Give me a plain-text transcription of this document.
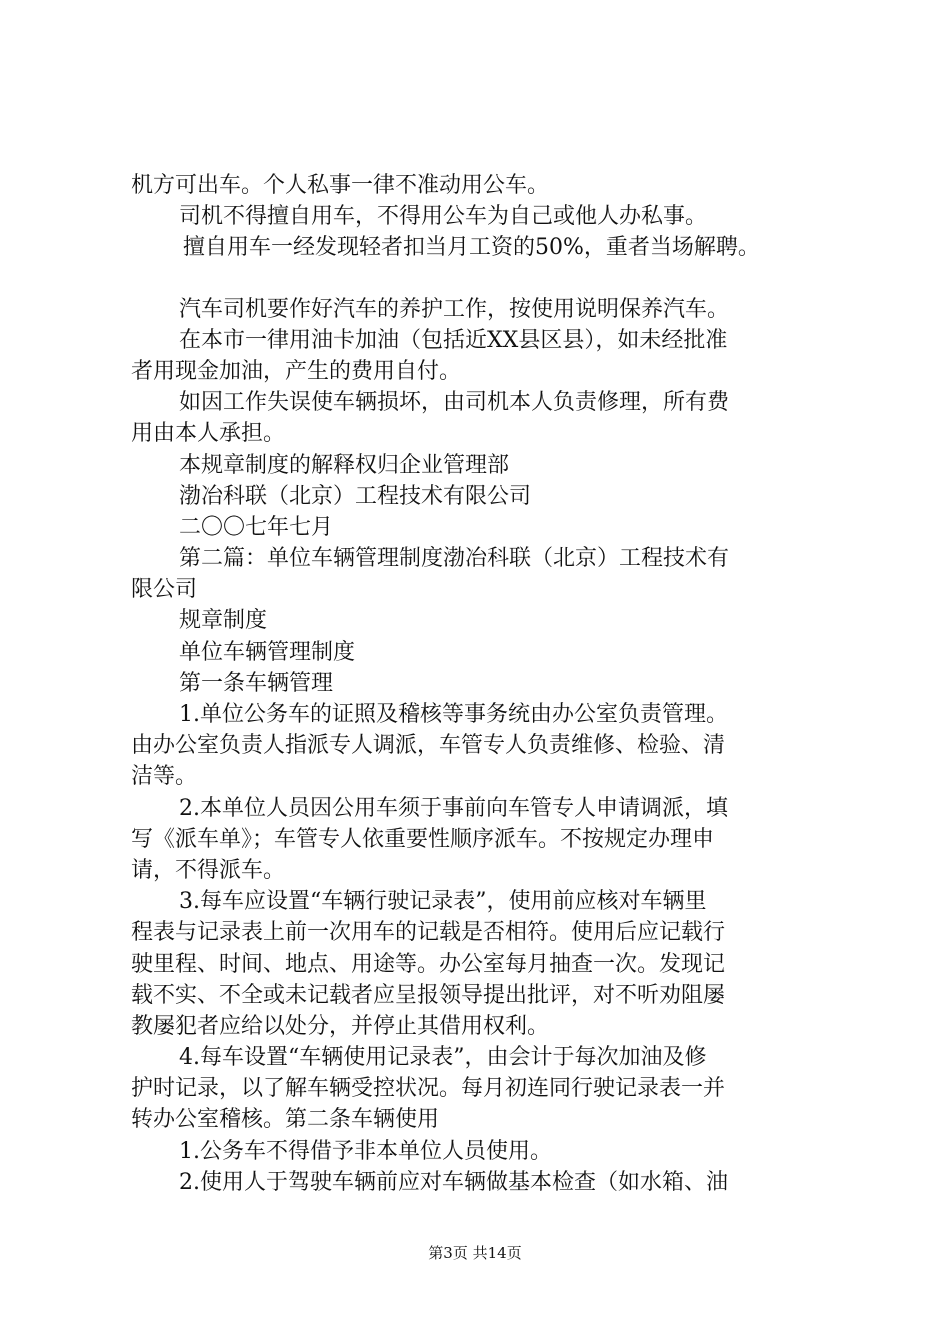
机方可出车。个人私事一律不准动用公车。
司机不得擅自用车，不得用公车为自己或他人办私事。
擅自用车一经发现轻者扣当月工资的50%，重者当场解聘。
汽车司机要作好汽车的养护工作，按使用说明保养汽车。
在本市一律用油卡加油（包括近XX县区县），如未经批准
者用现金加油，产生的费用自付。
如因工作失误使车辆损坏，由司机本人负责修理，所有费
用由本人承担。
本规章制度的解释权归企业管理部
渤冶科联（北京）工程技术有限公司
二〇〇七年七月
第二篇：单位车辆管理制度渤冶科联（北京）工程技术有
限公司
规章制度
单位车辆管理制度
第一条车辆管理
1.单位公务车的证照及稽核等事务统由办公室负责管理。
由办公室负责人指派专人调派，车管专人负责维修、检验、清
洁等。
2.本单位人员因公用车须于事前向车管专人申请调派，填
写《派车单》；车管专人依重要性顺序派车。不按规定办理申
请，不得派车。
3.每车应设置“车辆行驶记录表”，使用前应核对车辆里
程表与记录表上前一次用车的记载是否相符。使用后应记载行
驶里程、时间、地点、用途等。办公室每月抽查一次。发现记
载不实、不全或未记载者应呈报领导提出批评，对不听劝阻屡
教屡犯者应给以处分，并停止其借用权利。
4.每车设置“车辆使用记录表”，由会计于每次加油及修
护时记录，以了解车辆受控状况。每月初连同行驶记录表一并
转办公室稽核。第二条车辆使用
1.公务车不得借予非本单位人员使用。
2.使用人于驾驶车辆前应对车辆做基本检查（如水箱、油
第3页 共14页
